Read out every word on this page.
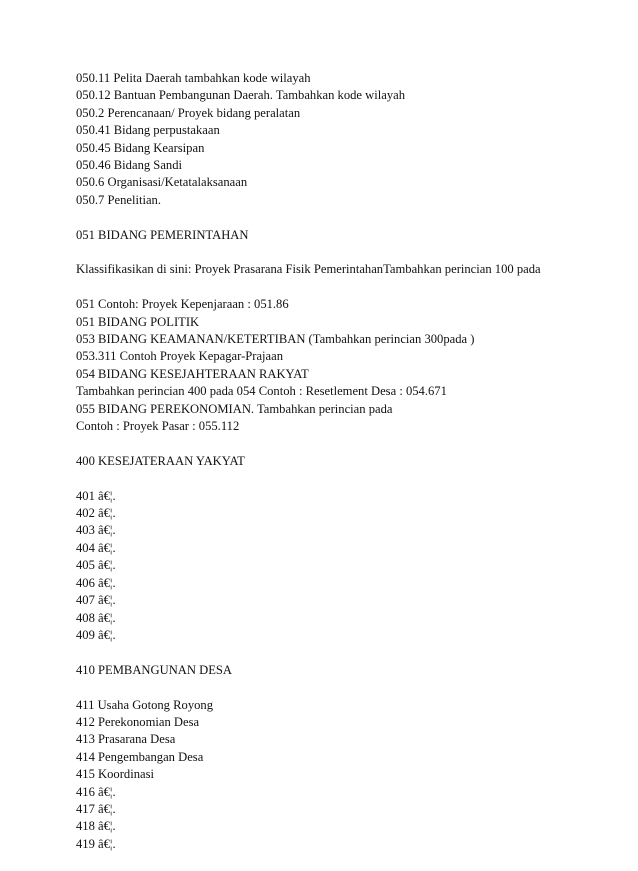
050.11 Pelita Daerah tambahkan kode wilayah
050.12 Bantuan Pembangunan Daerah. Tambahkan kode wilayah
050.2 Perencanaan/ Proyek bidang peralatan
050.41 Bidang perpustakaan
050.45 Bidang Kearsipan
050.46 Bidang Sandi
050.6 Organisasi/Ketatalaksanaan
050.7 Penelitian.
051 BIDANG PEMERINTAHAN
Klassifikasikan di sini: Proyek Prasarana Fisik PemerintahanTambahkan perincian 100 pada
051 Contoh: Proyek Kepenjaraan : 051.86
051 BIDANG POLITIK
053 BIDANG KEAMANAN/KETERTIBAN (Tambahkan perincian 300pada )
053.311 Contoh Proyek Kepagar-Prajaan
054 BIDANG KESEJAHTERAAN RAKYAT
Tambahkan perincian 400 pada 054 Contoh : Resetlement Desa : 054.671
055 BIDANG PEREKONOMIAN. Tambahkan perincian pada
Contoh : Proyek Pasar : 055.112
400 KESEJATERAAN YAKYAT
401 â€¦.
402 â€¦.
403 â€¦.
404 â€¦.
405 â€¦.
406 â€¦.
407 â€¦.
408 â€¦.
409 â€¦.
410 PEMBANGUNAN DESA
411 Usaha Gotong Royong
412 Perekonomian Desa
413 Prasarana Desa
414 Pengembangan Desa
415 Koordinasi
416 â€¦.
417 â€¦.
418 â€¦.
419 â€¦.
